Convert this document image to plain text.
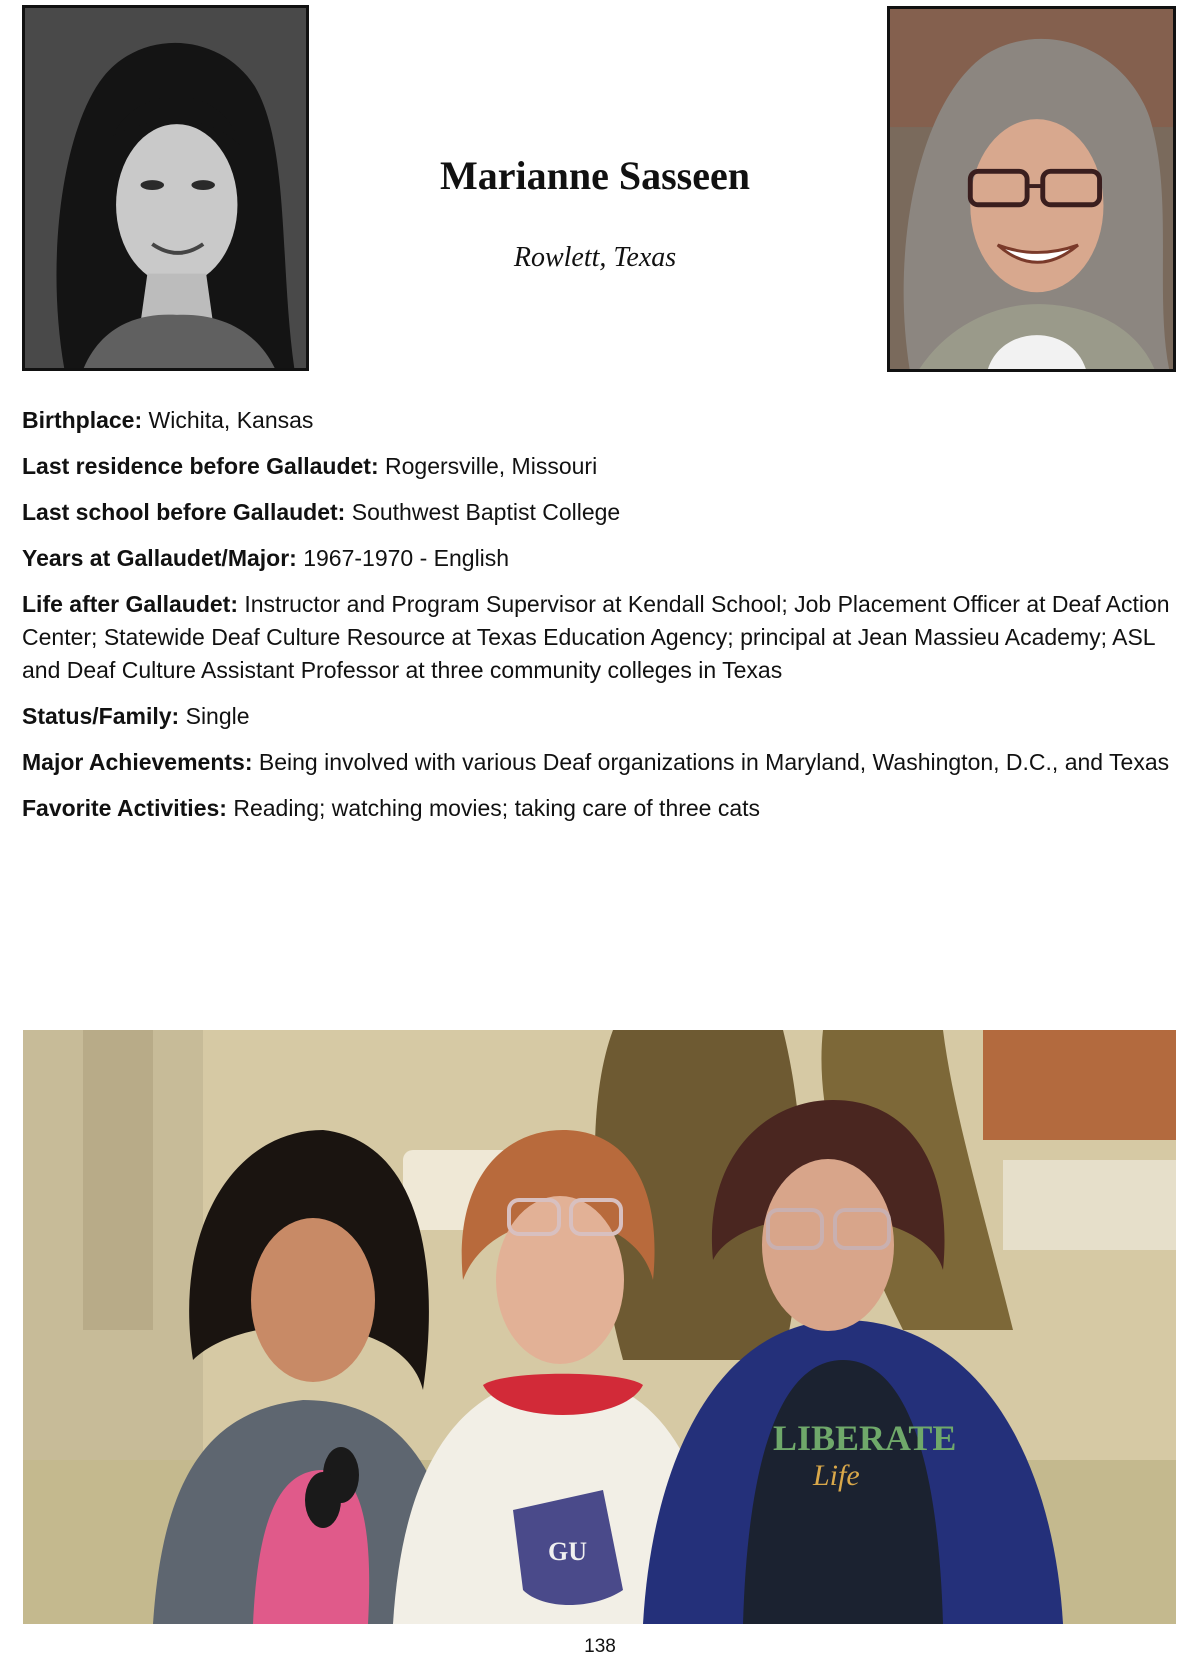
Marianne Sasseen
Rowlett, Texas
Birthplace: Wichita, Kansas
Last residence before Gallaudet: Rogersville, Missouri
Last school before Gallaudet: Southwest Baptist College
Years at Gallaudet/Major: 1967-1970 - English
Life after Gallaudet: Instructor and Program Supervisor at Kendall School; Job Placement Officer at Deaf Action Center; Statewide Deaf Culture Resource at Texas Education Agency; principal at Jean Massieu Academy; ASL and Deaf Culture Assistant Professor at three community colleges in Texas
Status/Family: Single
Major Achievements: Being involved with various Deaf organizations in Maryland, Washington, D.C., and Texas
Favorite Activities: Reading; watching movies; taking care of three cats
LIBERATE
Life
GU
138
